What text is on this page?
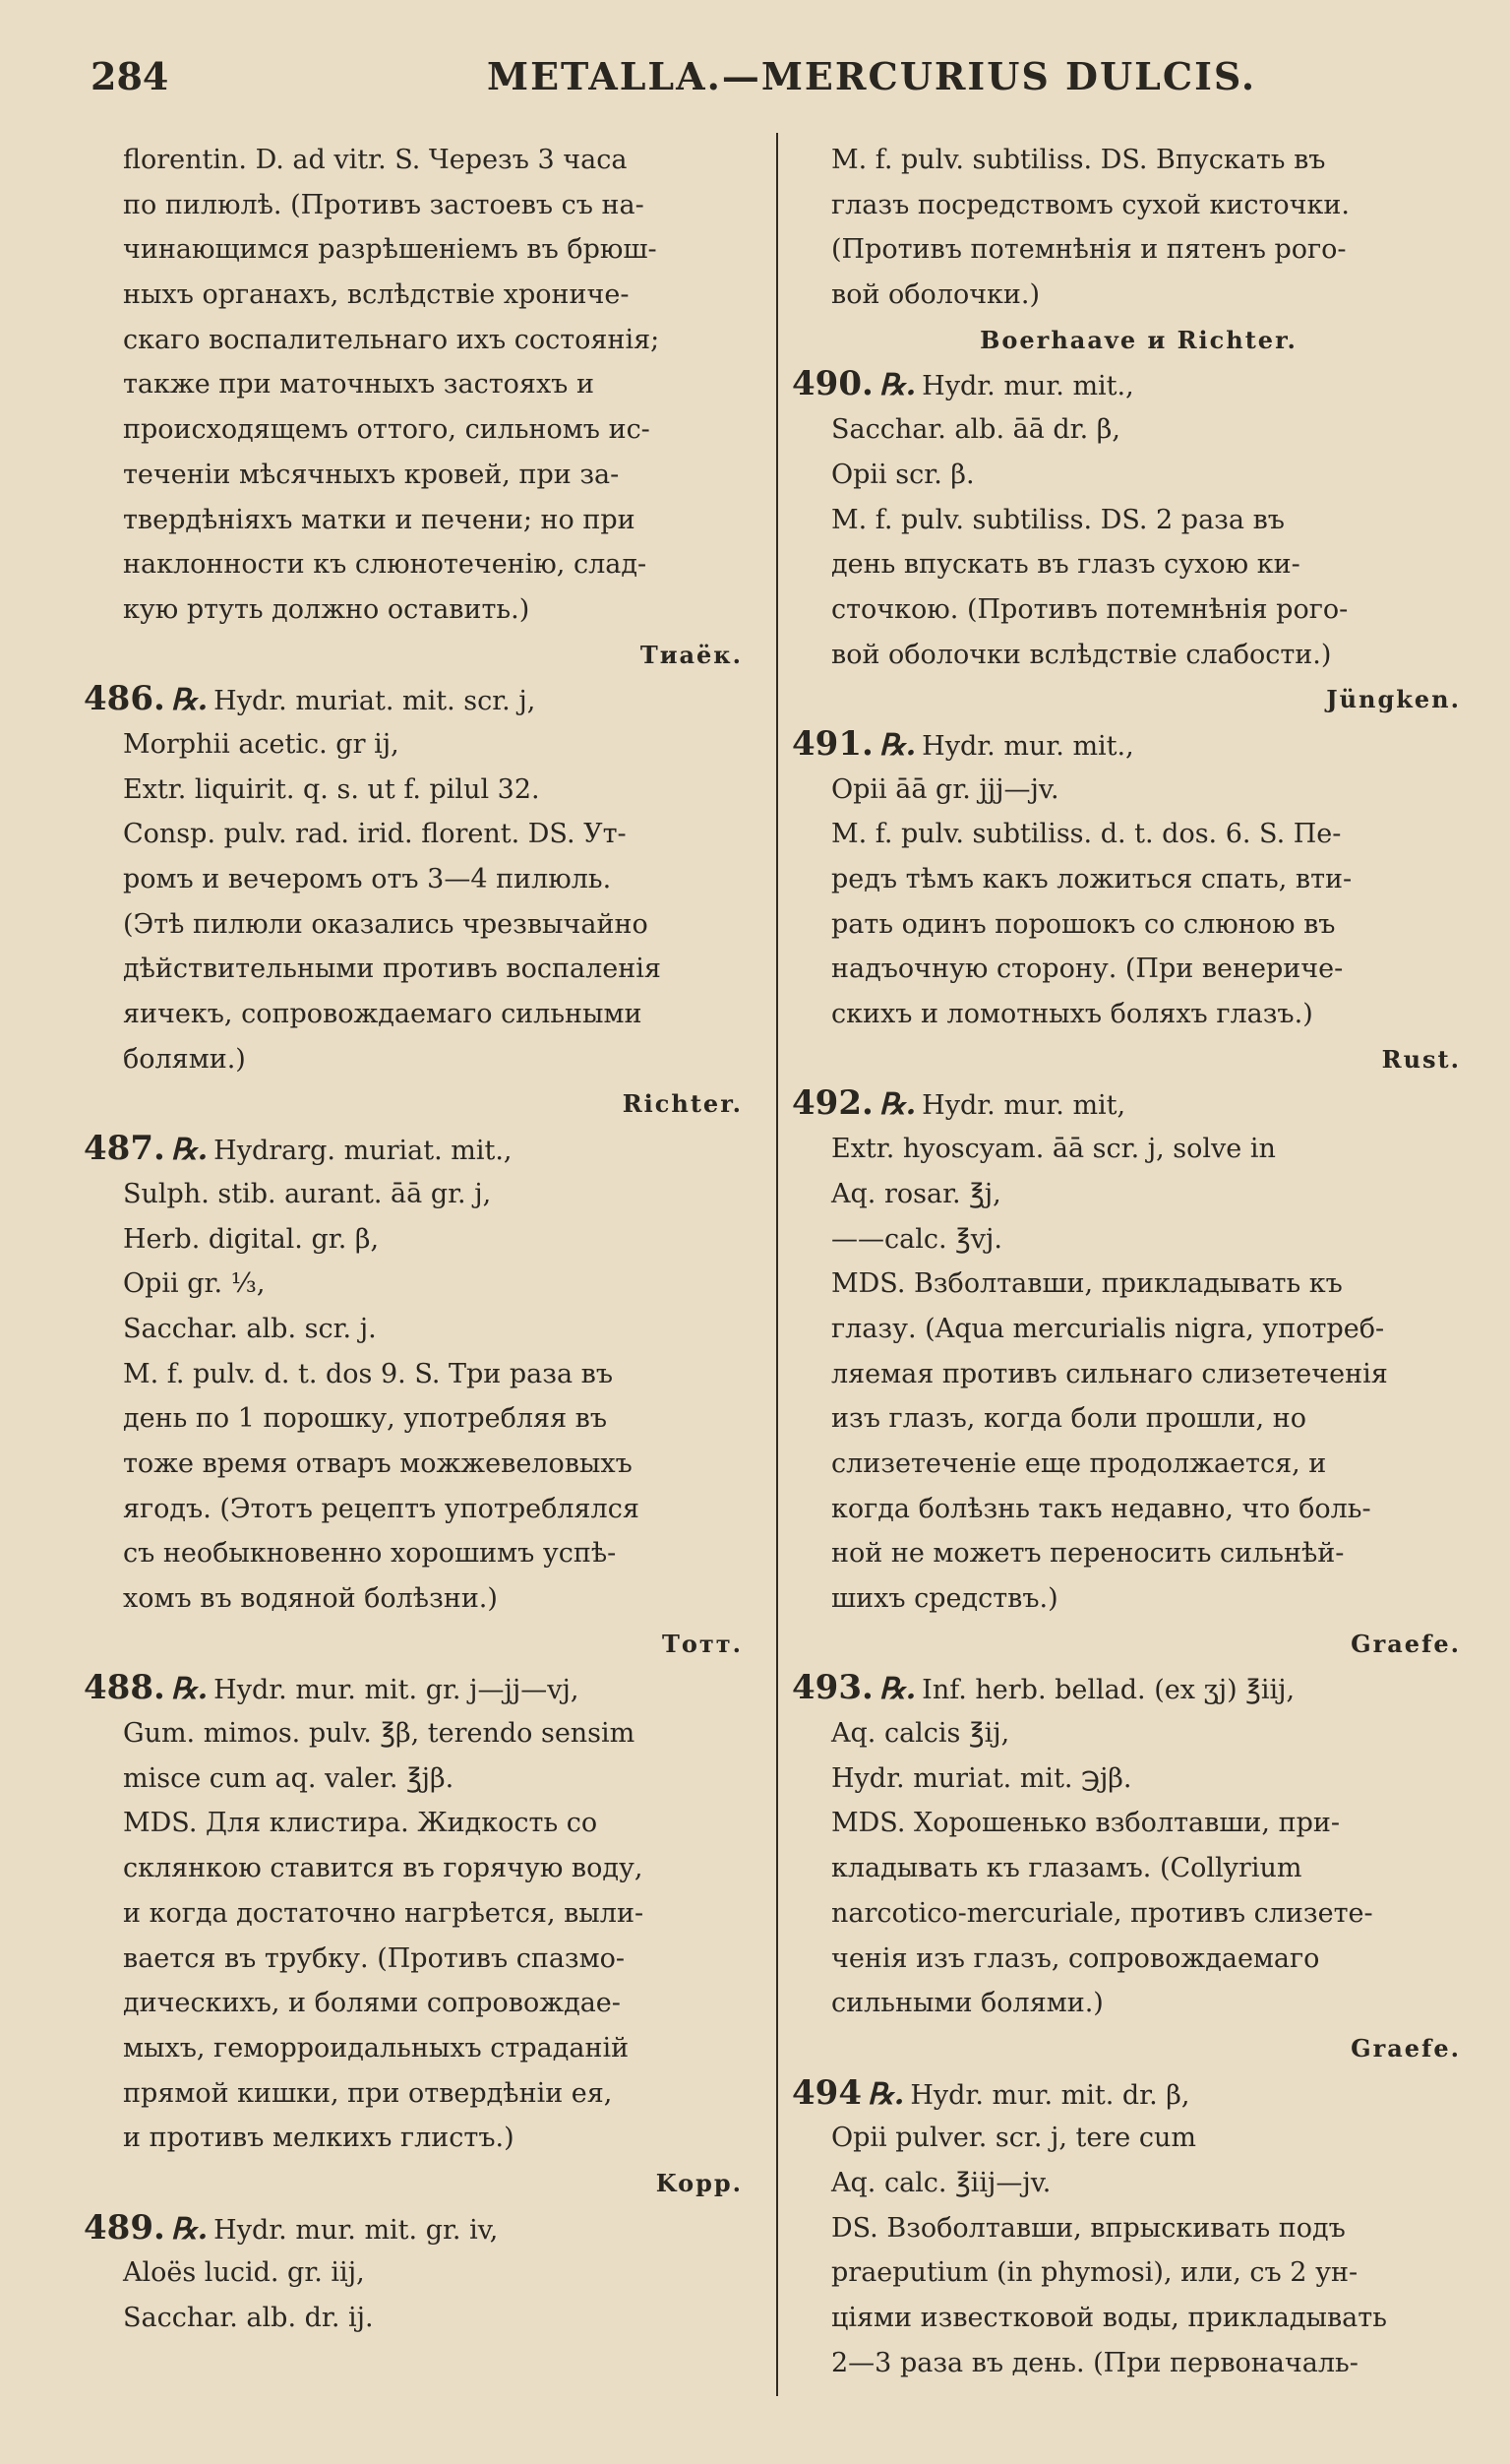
284	METALLA.—MERCURIUS DULCIS.
florentin. D. ad vitr. S. Черезъ 3 часа
по пилюлѣ. (Противъ застоевъ съ на-
чинающимся разрѣшеніемъ въ брюш-
ныхъ органахъ, вслѣдствіе хрониче-
скаго воспалительнаго ихъ состоянія;
также при маточныхъ застояхъ и
происходящемъ оттого, сильномъ ис-
теченіи мѣсячныхъ кровей, при за-
твердѣніяхъ матки и печени; но при
наклонности къ слюнотеченію, слад-
кую ртуть должно оставить.)
Тиаёк.
486. ℞. Hydr. muriat. mit. scr. j,
Morphii acetic. gr ij,
Extr. liquirit. q. s. ut f. pilul 32.
Consp. pulv. rad. irid. florent. DS. Ут-
ромъ и вечеромъ отъ 3—4 пилюль.
(Этѣ пилюли оказались чрезвычайно
дѣйствительными противъ воспаленія
яичекъ, сопровождаемаго сильными
болями.)
Richter.
487. ℞. Hydrarg. muriat. mit.,
Sulph. stib. aurant. āā gr. j,
Herb. digital. gr. β,
Opii gr. ⅓,
Sacchar. alb. scr. j.
M. f. pulv. d. t. dos 9. S. Три раза въ
день по 1 порошку, употребляя въ
тоже время отваръ можжевеловыхъ
ягодъ. (Этотъ рецептъ употреблялся
съ необыкновенно хорошимъ успѣ-
хомъ въ водяной болѣзни.)
Тотт.
488. ℞. Hydr. mur. mit. gr. j—jj—vj,
Gum. mimos. pulv. ℥β, terendo sensim
misce cum aq. valer. ℥jβ.
MDS. Для клистира. Жидкость со
склянкою ставится въ горячую воду,
и когда достаточно нагрѣется, выли-
вается въ трубку. (Противъ спазмо-
дическихъ, и болями сопровождае-
мыхъ, геморроидальныхъ страданій
прямой кишки, при отвердѣніи ея,
и противъ мелкихъ глистъ.)
Kopp.
489. ℞. Hydr. mur. mit. gr. iv,
Aloës lucid. gr. iij,
Sacchar. alb. dr. ij.
M. f. pulv. subtiliss. DS. Впускать въ
глазъ посредствомъ сухой кисточки.
(Противъ потемнѣнія и пятенъ рого-
вой оболочки.)
Boerhaave и Richter.
490. ℞. Hydr. mur. mit.,
Sacchar. alb. āā dr. β,
Opii scr. β.
M. f. pulv. subtiliss. DS. 2 раза въ
день впускать въ глазъ сухою ки-
сточкою. (Противъ потемнѣнія рого-
вой оболочки вслѣдствіе слабости.)
Jüngken.
491. ℞. Hydr. mur. mit.,
Opii āā gr. jjj—jv.
M. f. pulv. subtiliss. d. t. dos. 6. S. Пе-
редъ тѣмъ какъ ложиться спать, вти-
рать одинъ порошокъ со слюною въ
надъочную сторону. (При венериче-
скихъ и ломотныхъ боляхъ глазъ.)
Rust.
492. ℞. Hydr. mur. mit,
Extr. hyoscyam. āā scr. j, solve in
Aq. rosar. ℥j,
——calc. ℥vj.
MDS. Взболтавши, прикладывать къ
глазу. (Aqua mercurialis nigra, употреб-
ляемая противъ сильнаго слизетеченія
изъ глазъ, когда боли прошли, но
слизетеченіе еще продолжается, и
когда болѣзнь такъ недавно, что боль-
ной не можетъ переносить сильнѣй-
шихъ средствъ.)
Graefe.
493. ℞. Inf. herb. bellad. (ex ʒj) ℥iij,
Aq. calcis ℥ij,
Hydr. muriat. mit. ℈jβ.
MDS. Хорошенько взболтавши, при-
кладывать къ глазамъ. (Collyrium
narcotico-mercuriale, противъ слизете-
ченія изъ глазъ, сопровождаемаго
сильными болями.)
Graefe.
494 ℞. Hydr. mur. mit. dr. β,
Opii pulver. scr. j, tere cum
Aq. calc. ℥iij—jv.
DS. Взоболтавши, впрыскивать подъ
praeputium (in phymosi), или, съ 2 ун-
ціями известковой воды, прикладывать
2—3 раза въ день. (При первоначаль-
